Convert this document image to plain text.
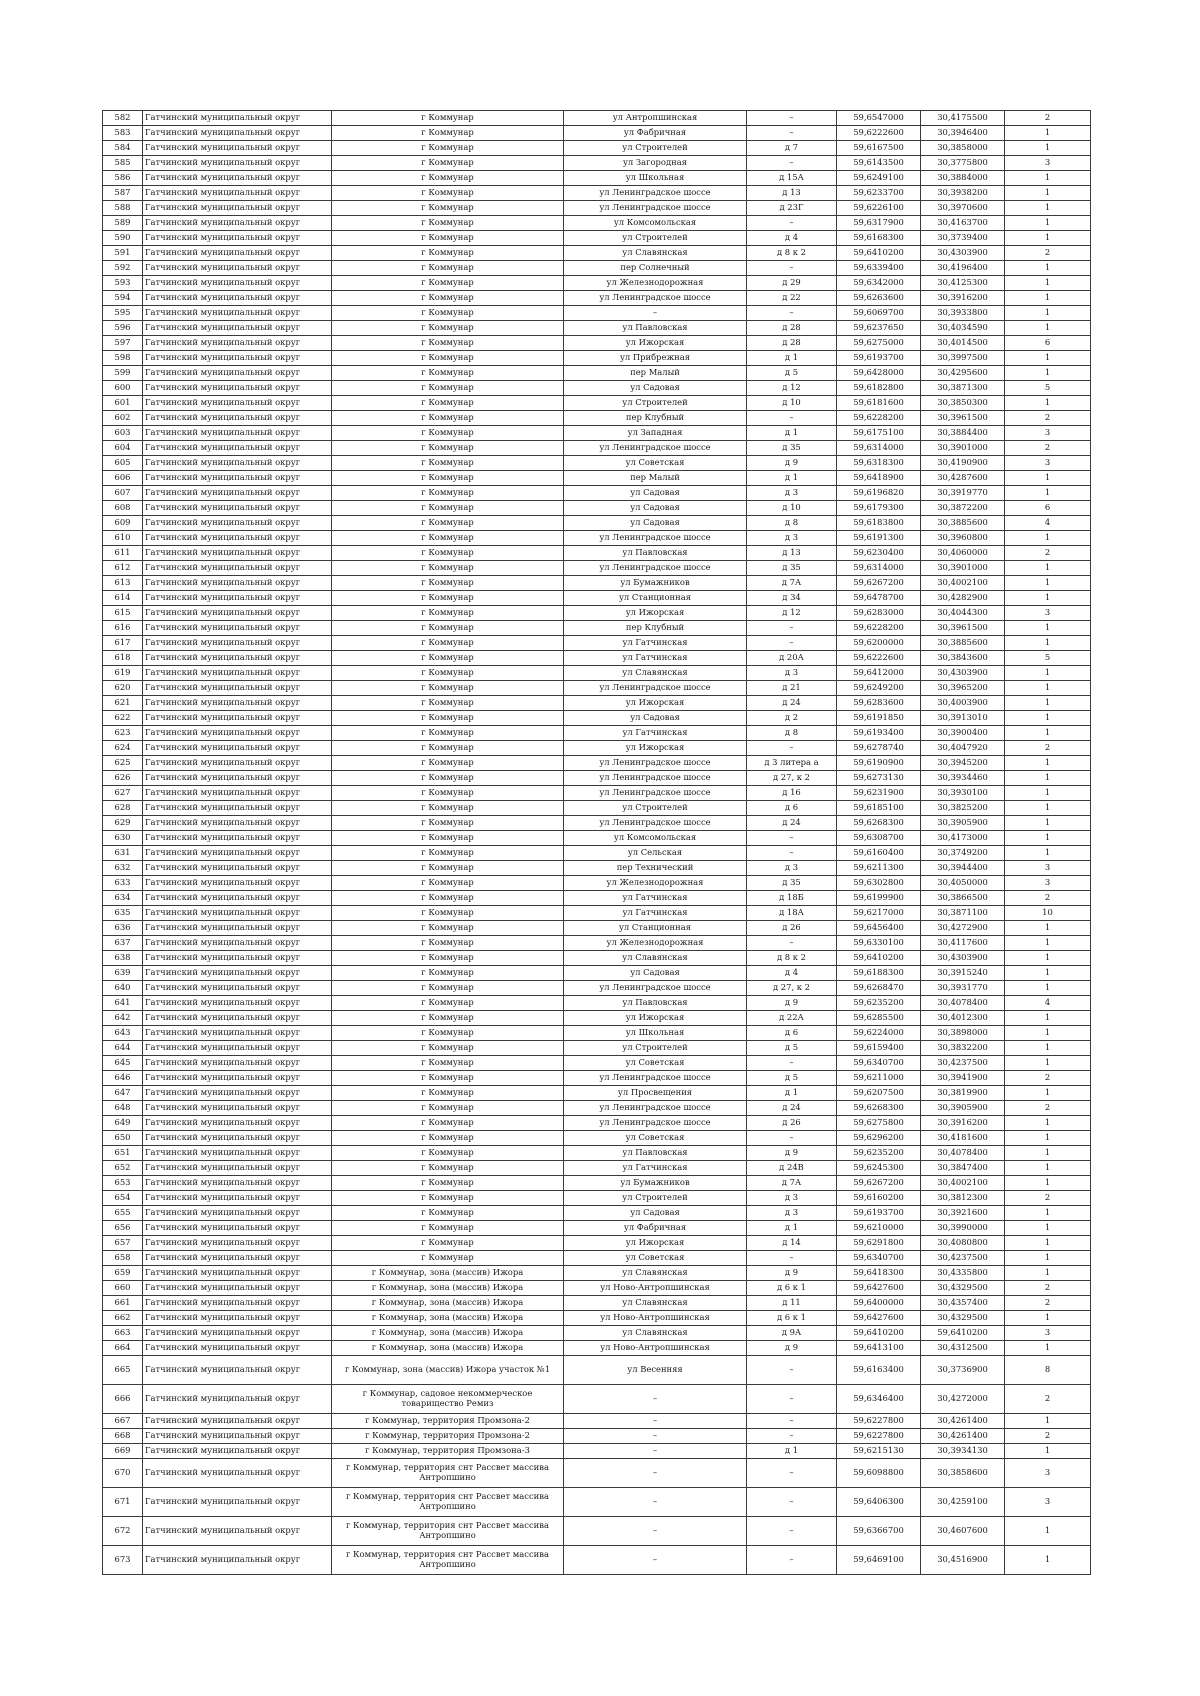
582	Гатчинский муниципальный округ	г Коммунар	ул Антропшинская	–	59,6547000	30,4175500	2
583	Гатчинский муниципальный округ	г Коммунар	ул Фабричная	–	59,6222600	30,3946400	1
584	Гатчинский муниципальный округ	г Коммунар	ул Строителей	д 7	59,6167500	30,3858000	1
585	Гатчинский муниципальный округ	г Коммунар	ул Загородная	–	59,6143500	30,3775800	3
586	Гатчинский муниципальный округ	г Коммунар	ул Школьная	д 15А	59,6249100	30,3884000	1
587	Гатчинский муниципальный округ	г Коммунар	ул Ленинградское шоссе	д 13	59,6233700	30,3938200	1
588	Гатчинский муниципальный округ	г Коммунар	ул Ленинградское шоссе	д 23Г	59,6226100	30,3970600	1
589	Гатчинский муниципальный округ	г Коммунар	ул Комсомольская	–	59,6317900	30,4163700	1
590	Гатчинский муниципальный округ	г Коммунар	ул Строителей	д 4	59,6168300	30,3739400	1
591	Гатчинский муниципальный округ	г Коммунар	ул Славянская	д 8 к 2	59,6410200	30,4303900	2
592	Гатчинский муниципальный округ	г Коммунар	пер Солнечный	–	59,6339400	30,4196400	1
593	Гатчинский муниципальный округ	г Коммунар	ул Железнодорожная	д 29	59,6342000	30,4125300	1
594	Гатчинский муниципальный округ	г Коммунар	ул Ленинградское шоссе	д 22	59,6263600	30,3916200	1
595	Гатчинский муниципальный округ	г Коммунар	–	–	59,6069700	30,3933800	1
596	Гатчинский муниципальный округ	г Коммунар	ул Павловская	д 28	59,6237650	30,4034590	1
597	Гатчинский муниципальный округ	г Коммунар	ул Ижорская	д 28	59,6275000	30,4014500	6
598	Гатчинский муниципальный округ	г Коммунар	ул Прибрежная	д 1	59,6193700	30,3997500	1
599	Гатчинский муниципальный округ	г Коммунар	пер Малый	д 5	59,6428000	30,4295600	1
600	Гатчинский муниципальный округ	г Коммунар	ул Садовая	д 12	59,6182800	30,3871300	5
601	Гатчинский муниципальный округ	г Коммунар	ул Строителей	д 10	59,6181600	30,3850300	1
602	Гатчинский муниципальный округ	г Коммунар	пер Клубный	–	59,6228200	30,3961500	2
603	Гатчинский муниципальный округ	г Коммунар	ул Западная	д 1	59,6175100	30,3884400	3
604	Гатчинский муниципальный округ	г Коммунар	ул Ленинградское шоссе	д 35	59,6314000	30,3901000	2
605	Гатчинский муниципальный округ	г Коммунар	ул Советская	д 9	59,6318300	30,4190900	3
606	Гатчинский муниципальный округ	г Коммунар	пер Малый	д 1	59,6418900	30,4287600	1
607	Гатчинский муниципальный округ	г Коммунар	ул Садовая	д 3	59,6196820	30,3919770	1
608	Гатчинский муниципальный округ	г Коммунар	ул Садовая	д 10	59,6179300	30,3872200	6
609	Гатчинский муниципальный округ	г Коммунар	ул Садовая	д 8	59,6183800	30,3885600	4
610	Гатчинский муниципальный округ	г Коммунар	ул Ленинградское шоссе	д 3	59,6191300	30,3960800	1
611	Гатчинский муниципальный округ	г Коммунар	ул Павловская	д 13	59,6230400	30,4060000	2
612	Гатчинский муниципальный округ	г Коммунар	ул Ленинградское шоссе	д 35	59,6314000	30,3901000	1
613	Гатчинский муниципальный округ	г Коммунар	ул Бумажников	д 7А	59,6267200	30,4002100	1
614	Гатчинский муниципальный округ	г Коммунар	ул Станционная	д 34	59,6478700	30,4282900	1
615	Гатчинский муниципальный округ	г Коммунар	ул Ижорская	д 12	59,6283000	30,4044300	3
616	Гатчинский муниципальный округ	г Коммунар	пер Клубный	–	59,6228200	30,3961500	1
617	Гатчинский муниципальный округ	г Коммунар	ул Гатчинская	–	59,6200000	30,3885600	1
618	Гатчинский муниципальный округ	г Коммунар	ул Гатчинская	д 20А	59,6222600	30,3843600	5
619	Гатчинский муниципальный округ	г Коммунар	ул Славянская	д 3	59,6412000	30,4303900	1
620	Гатчинский муниципальный округ	г Коммунар	ул Ленинградское шоссе	д 21	59,6249200	30,3965200	1
621	Гатчинский муниципальный округ	г Коммунар	ул Ижорская	д 24	59,6283600	30,4003900	1
622	Гатчинский муниципальный округ	г Коммунар	ул Садовая	д 2	59,6191850	30,3913010	1
623	Гатчинский муниципальный округ	г Коммунар	ул Гатчинская	д 8	59,6193400	30,3900400	1
624	Гатчинский муниципальный округ	г Коммунар	ул Ижорская	–	59,6278740	30,4047920	2
625	Гатчинский муниципальный округ	г Коммунар	ул Ленинградское шоссе	д 3 литера а	59,6190900	30,3945200	1
626	Гатчинский муниципальный округ	г Коммунар	ул Ленинградское шоссе	д 27, к 2	59,6273130	30,3934460	1
627	Гатчинский муниципальный округ	г Коммунар	ул Ленинградское шоссе	д 16	59,6231900	30,3930100	1
628	Гатчинский муниципальный округ	г Коммунар	ул Строителей	д 6	59,6185100	30,3825200	1
629	Гатчинский муниципальный округ	г Коммунар	ул Ленинградское шоссе	д 24	59,6268300	30,3905900	1
630	Гатчинский муниципальный округ	г Коммунар	ул Комсомольская	–	59,6308700	30,4173000	1
631	Гатчинский муниципальный округ	г Коммунар	ул Сельская	–	59,6160400	30,3749200	1
632	Гатчинский муниципальный округ	г Коммунар	пер Технический	д 3	59,6211300	30,3944400	3
633	Гатчинский муниципальный округ	г Коммунар	ул Железнодорожная	д 35	59,6302800	30,4050000	3
634	Гатчинский муниципальный округ	г Коммунар	ул Гатчинская	д 18Б	59,6199900	30,3866500	2
635	Гатчинский муниципальный округ	г Коммунар	ул Гатчинская	д 18А	59,6217000	30,3871100	10
636	Гатчинский муниципальный округ	г Коммунар	ул Станционная	д 26	59,6456400	30,4272900	1
637	Гатчинский муниципальный округ	г Коммунар	ул Железнодорожная	–	59,6330100	30,4117600	1
638	Гатчинский муниципальный округ	г Коммунар	ул Славянская	д 8 к 2	59,6410200	30,4303900	1
639	Гатчинский муниципальный округ	г Коммунар	ул Садовая	д 4	59,6188300	30,3915240	1
640	Гатчинский муниципальный округ	г Коммунар	ул Ленинградское шоссе	д 27, к 2	59,6268470	30,3931770	1
641	Гатчинский муниципальный округ	г Коммунар	ул Павловская	д 9	59,6235200	30,4078400	4
642	Гатчинский муниципальный округ	г Коммунар	ул Ижорская	д 22А	59,6285500	30,4012300	1
643	Гатчинский муниципальный округ	г Коммунар	ул Школьная	д 6	59,6224000	30,3898000	1
644	Гатчинский муниципальный округ	г Коммунар	ул Строителей	д 5	59,6159400	30,3832200	1
645	Гатчинский муниципальный округ	г Коммунар	ул Советская	–	59,6340700	30,4237500	1
646	Гатчинский муниципальный округ	г Коммунар	ул Ленинградское шоссе	д 5	59,6211000	30,3941900	2
647	Гатчинский муниципальный округ	г Коммунар	ул Просвещения	д 1	59,6207500	30,3819900	1
648	Гатчинский муниципальный округ	г Коммунар	ул Ленинградское шоссе	д 24	59,6268300	30,3905900	2
649	Гатчинский муниципальный округ	г Коммунар	ул Ленинградское шоссе	д 26	59,6275800	30,3916200	1
650	Гатчинский муниципальный округ	г Коммунар	ул Советская	–	59,6296200	30,4181600	1
651	Гатчинский муниципальный округ	г Коммунар	ул Павловская	д 9	59,6235200	30,4078400	1
652	Гатчинский муниципальный округ	г Коммунар	ул Гатчинская	д 24В	59,6245300	30,3847400	1
653	Гатчинский муниципальный округ	г Коммунар	ул Бумажников	д 7А	59,6267200	30,4002100	1
654	Гатчинский муниципальный округ	г Коммунар	ул Строителей	д 3	59,6160200	30,3812300	2
655	Гатчинский муниципальный округ	г Коммунар	ул Садовая	д 3	59,6193700	30,3921600	1
656	Гатчинский муниципальный округ	г Коммунар	ул Фабричная	д 1	59,6210000	30,3990000	1
657	Гатчинский муниципальный округ	г Коммунар	ул Ижорская	д 14	59,6291800	30,4080800	1
658	Гатчинский муниципальный округ	г Коммунар	ул Советская	–	59,6340700	30,4237500	1
659	Гатчинский муниципальный округ	г Коммунар, зона (массив) Ижора	ул Славянская	д 9	59,6418300	30,4335800	1
660	Гатчинский муниципальный округ	г Коммунар, зона (массив) Ижора	ул Ново-Антропшинская	д 6 к 1	59,6427600	30,4329500	2
661	Гатчинский муниципальный округ	г Коммунар, зона (массив) Ижора	ул Славянская	д 11	59,6400000	30,4357400	2
662	Гатчинский муниципальный округ	г Коммунар, зона (массив) Ижора	ул Ново-Антропшинская	д 6 к 1	59,6427600	30,4329500	1
663	Гатчинский муниципальный округ	г Коммунар, зона (массив) Ижора	ул Славянская	д 9А	59,6410200	59,6410200	3
664	Гатчинский муниципальный округ	г Коммунар, зона (массив) Ижора	ул Ново-Антропшинская	д 9	59,6413100	30,4312500	1
665	Гатчинский муниципальный округ	г Коммунар, зона (массив) Ижора участок №1	ул Весенняя	–	59,6163400	30,3736900	8
666	Гатчинский муниципальный округ	г Коммунар, садовое некоммерческое товарищество Ремиз	–	–	59,6346400	30,4272000	2
667	Гатчинский муниципальный округ	г Коммунар, территория Промзона-2	–	–	59,6227800	30,4261400	1
668	Гатчинский муниципальный округ	г Коммунар, территория Промзона-2	–	–	59,6227800	30,4261400	2
669	Гатчинский муниципальный округ	г Коммунар, территория Промзона-3	–	д 1	59,6215130	30,3934130	1
670	Гатчинский муниципальный округ	г Коммунар, территория снт Рассвет массива Антропшино	–	–	59,6098800	30,3858600	3
671	Гатчинский муниципальный округ	г Коммунар, территория снт Рассвет массива Антропшино	–	–	59,6406300	30,4259100	3
672	Гатчинский муниципальный округ	г Коммунар, территория снт Рассвет массива Антропшино	–	–	59,6366700	30,4607600	1
673	Гатчинский муниципальный округ	г Коммунар, территория снт Рассвет массива Антропшино	–	–	59,6469100	30,4516900	1
